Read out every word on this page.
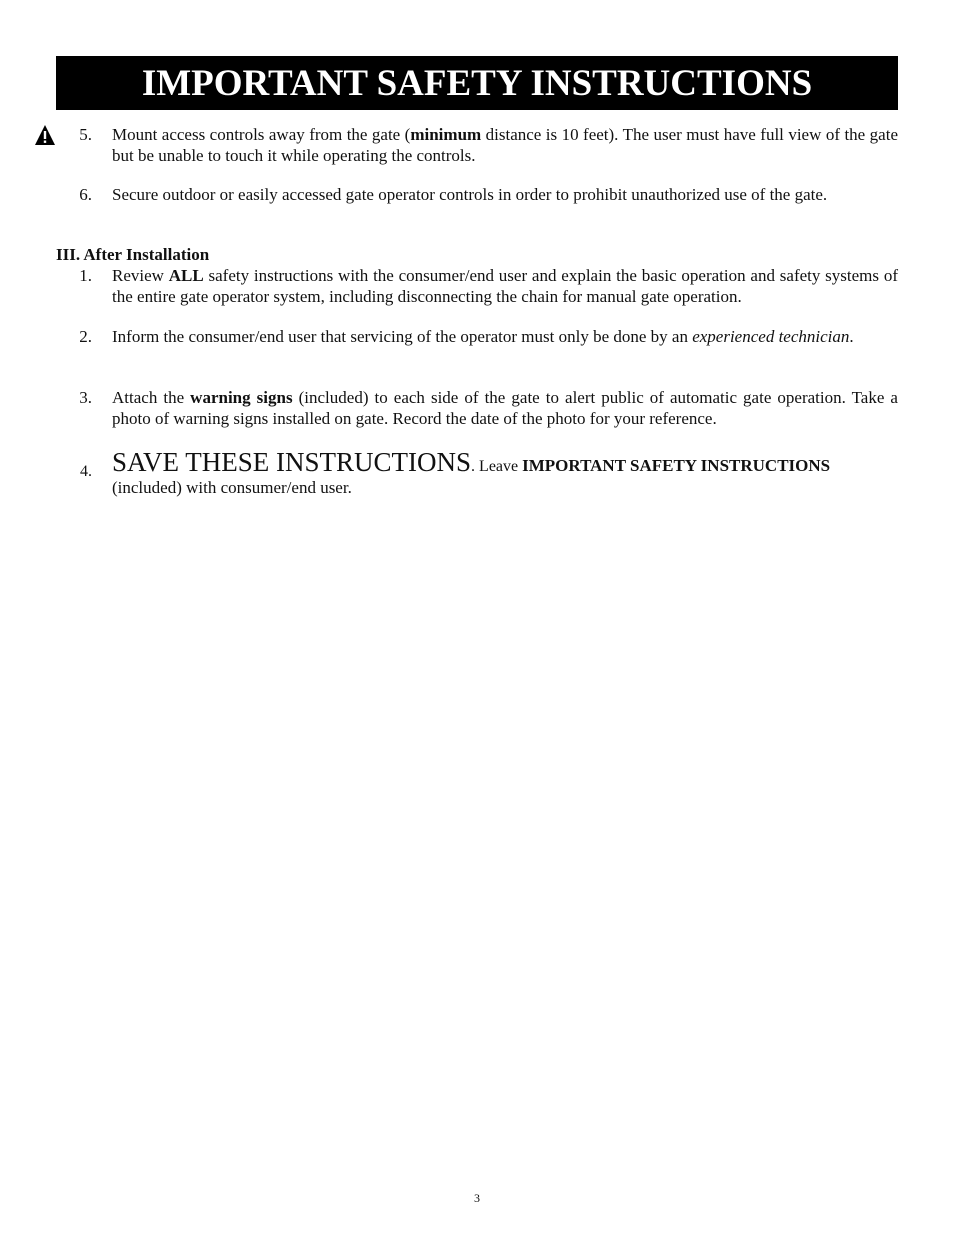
IMPORTANT SAFETY INSTRUCTIONS
5. Mount access controls away from the gate (minimum distance is 10 feet). The user must have full view of the gate but be unable to touch it while operating the controls.
6. Secure outdoor or easily accessed gate operator controls in order to prohibit unauthorized use of the gate.
III. After Installation
1. Review ALL safety instructions with the consumer/end user and explain the basic operation and safety systems of the entire gate operator system, including disconnecting the chain for manual gate operation.
2. Inform the consumer/end user that servicing of the operator must only be done by an experienced technician.
3. Attach the warning signs (included) to each side of the gate to alert public of automatic gate operation. Take a photo of warning signs installed on gate. Record the date of the photo for your reference.
4. SAVE THESE INSTRUCTIONS. Leave IMPORTANT SAFETY INSTRUCTIONS
(included) with consumer/end user.
3
